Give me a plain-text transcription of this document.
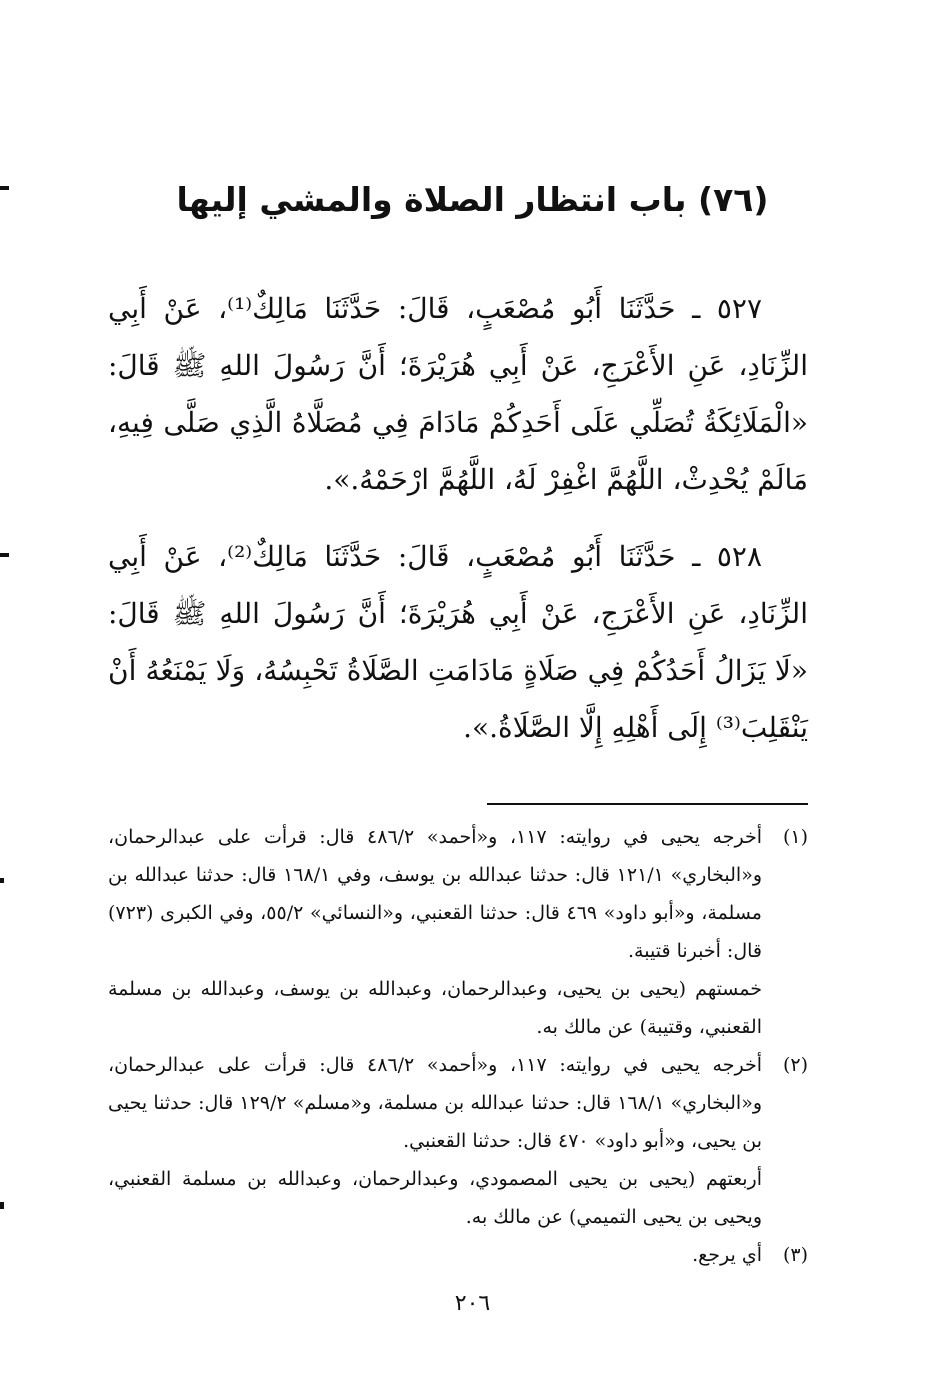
(٧٦) باب انتظار الصلاة والمشي إليها

٥٢٧ ـ حَدَّثَنَا أَبُو مُصْعَبٍ، قَالَ: حَدَّثَنَا مَالِكٌ⁽¹⁾، عَنْ أَبِي الزِّنَادِ، عَنِ الأَعْرَجِ، عَنْ أَبِي هُرَيْرَةَ؛ أَنَّ رَسُولَ اللهِ ﷺ قَالَ: «الْمَلَائِكَةُ تُصَلِّي عَلَى أَحَدِكُمْ مَادَامَ فِي مُصَلَّاهُ الَّذِي صَلَّى فِيهِ، مَالَمْ يُحْدِثْ، اللَّهُمَّ اغْفِرْ لَهُ، اللَّهُمَّ ارْحَمْهُ.».

٥٢٨ ـ حَدَّثَنَا أَبُو مُصْعَبٍ، قَالَ: حَدَّثَنَا مَالِكٌ⁽²⁾، عَنْ أَبِي الزِّنَادِ، عَنِ الأَعْرَجِ، عَنْ أَبِي هُرَيْرَةَ؛ أَنَّ رَسُولَ اللهِ ﷺ قَالَ: «لَا يَزَالُ أَحَدُكُمْ فِي صَلَاةٍ مَادَامَتِ الصَّلَاةُ تَحْبِسُهُ، وَلَا يَمْنَعُهُ أَنْ يَنْقَلِبَ⁽³⁾ إِلَى أَهْلِهِ إِلَّا الصَّلَاةُ.».

(١)

أخرجه يحيى في روايته: ١١٧، و«أحمد» ٤٨٦/٢ قال: قرأت على عبدالرحمان، و«البخاري» ١٢١/١ قال: حدثنا عبدالله بن يوسف، وفي ١٦٨/١ قال: حدثنا عبدالله بن مسلمة، و«أبو داود» ٤٦٩ قال: حدثنا القعنبي، و«النسائي» ٥٥/٢، وفي الكبرى (٧٢٣) قال: أخبرنا قتيبة.

خمستهم (يحيى بن يحيى، وعبدالرحمان، وعبدالله بن يوسف، وعبدالله بن مسلمة القعنبي، وقتيبة) عن مالك به.

(٢)

أخرجه يحيى في روايته: ١١٧، و«أحمد» ٤٨٦/٢ قال: قرأت على عبدالرحمان، و«البخاري» ١٦٨/١ قال: حدثنا عبدالله بن مسلمة، و«مسلم» ١٢٩/٢ قال: حدثنا يحيى بن يحيى، و«أبو داود» ٤٧٠ قال: حدثنا القعنبي.

أربعتهم (يحيى بن يحيى المصمودي، وعبدالرحمان، وعبدالله بن مسلمة القعنبي، ويحيى بن يحيى التميمي) عن مالك به.

(٣)

أي يرجع.

٢٠٦
